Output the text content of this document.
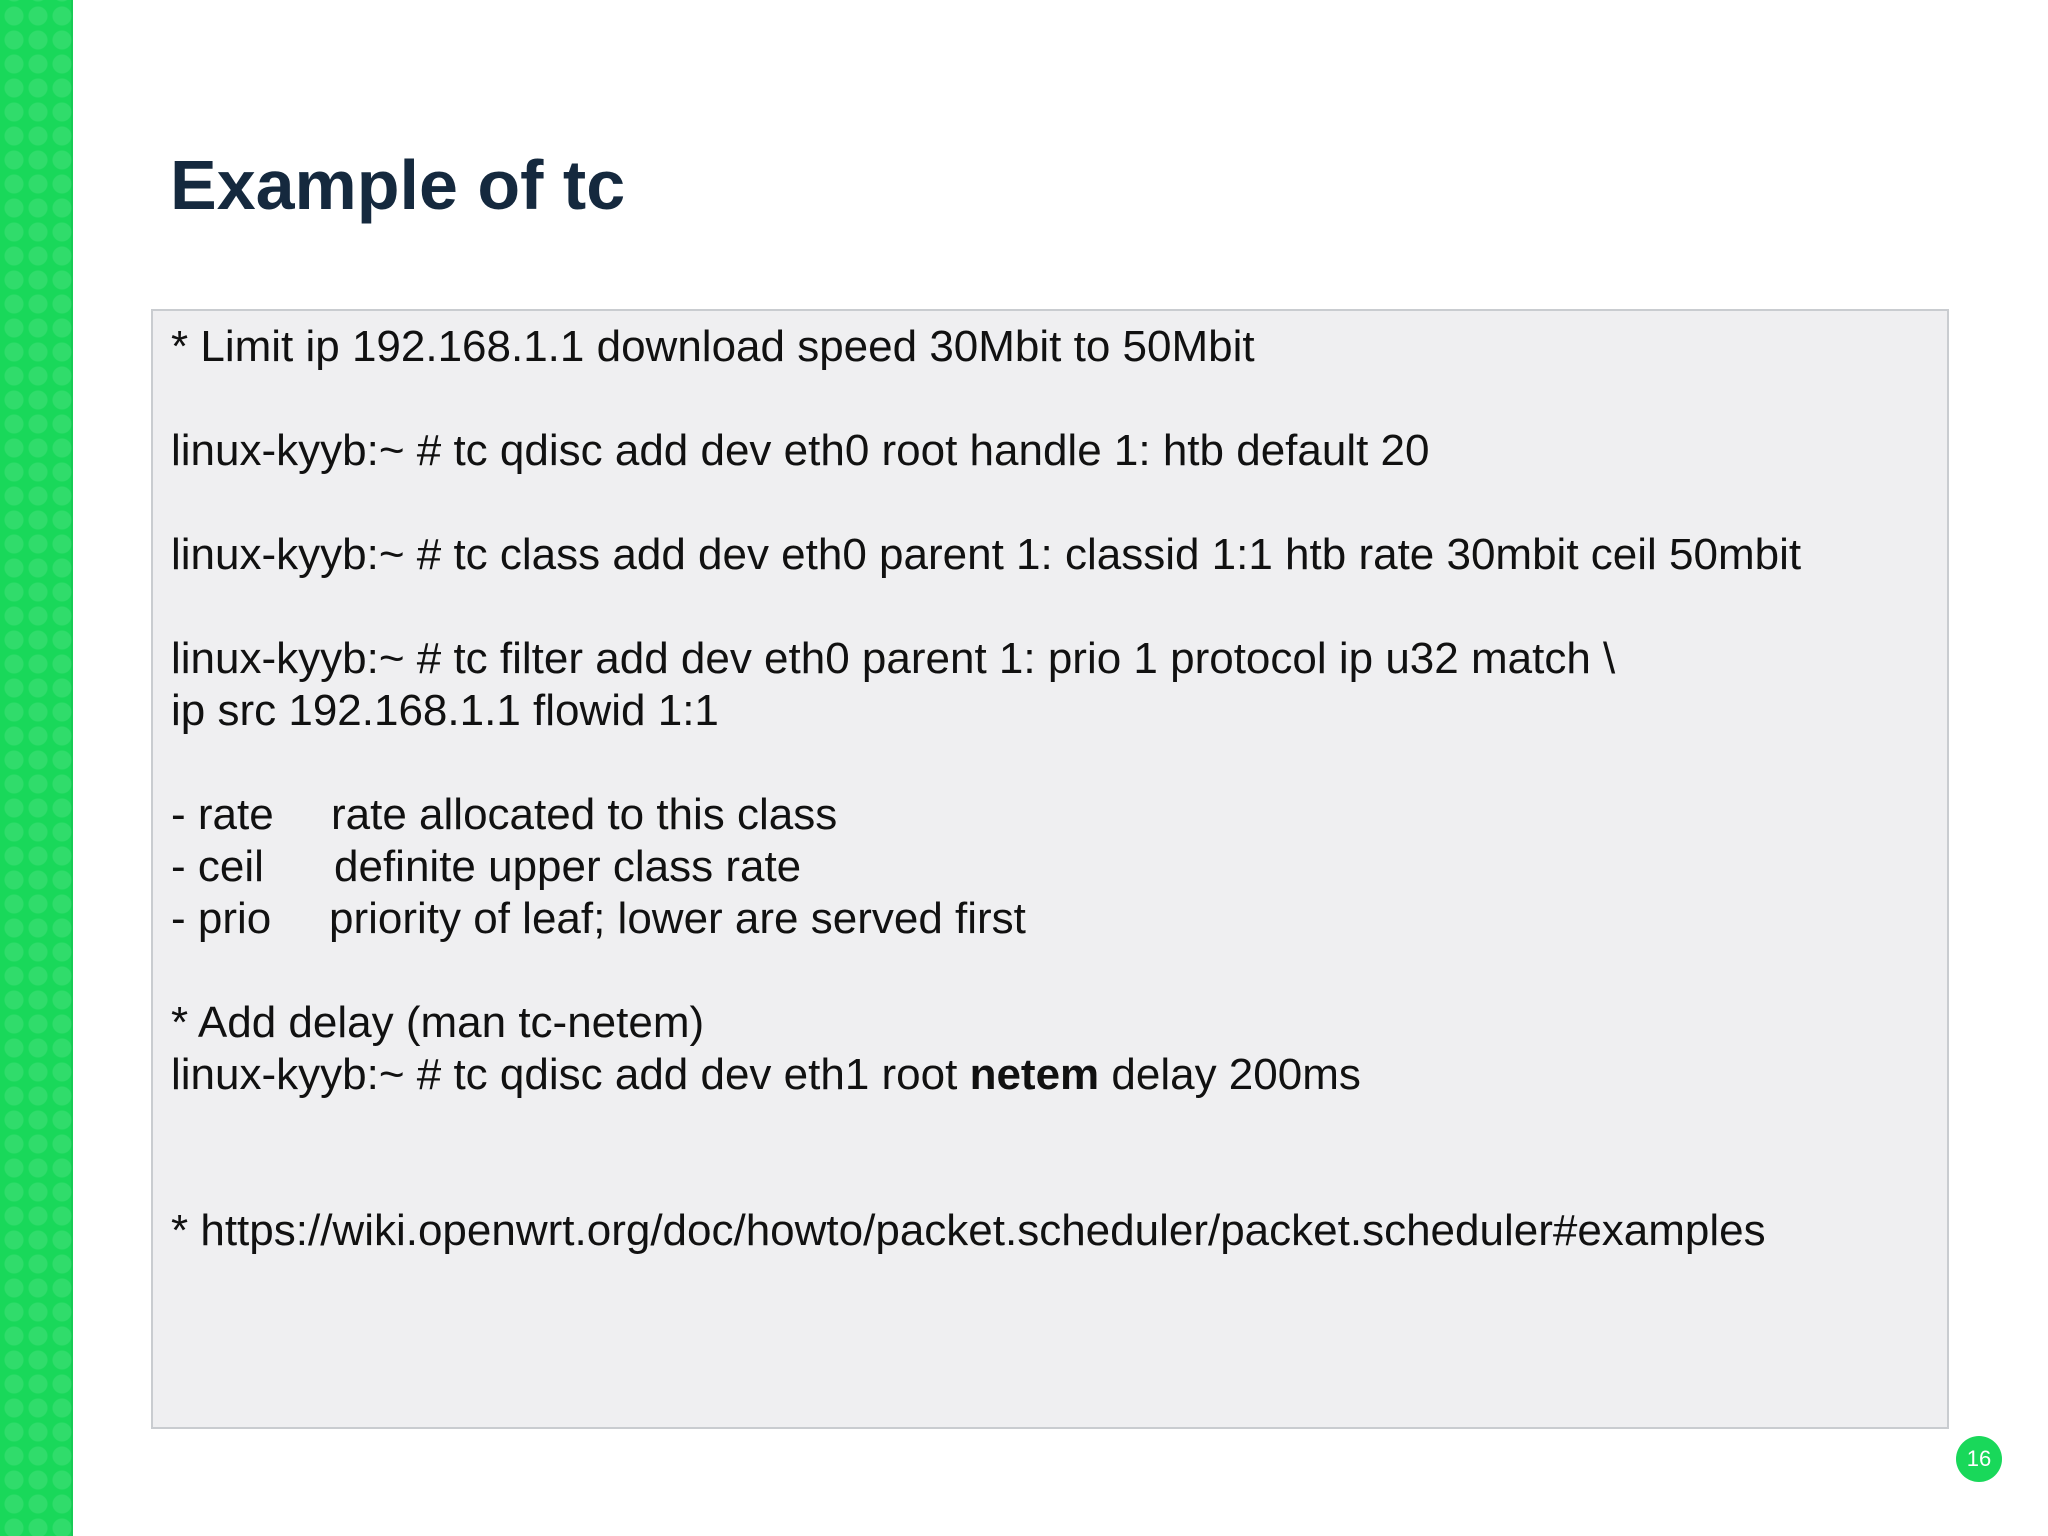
Example of tc
* Limit ip 192.168.1.1 download speed 30Mbit to 50Mbit
linux-kyyb:~ # tc qdisc add dev eth0 root handle 1: htb default 20
linux-kyyb:~ # tc class add dev eth0 parent 1: classid 1:1 htb rate 30mbit ceil 50mbit
linux-kyyb:~ # tc filter add dev eth0 parent 1: prio 1 protocol ip u32 match \
ip src 192.168.1.1 flowid 1:1
- rate rate allocated to this class
- ceil definite upper class rate
- prio priority of leaf; lower are served first
* Add delay (man tc-netem)
linux-kyyb:~ # tc qdisc add dev eth1 root netem delay 200ms
* https://wiki.openwrt.org/doc/howto/packet.scheduler/packet.scheduler#examples
16
